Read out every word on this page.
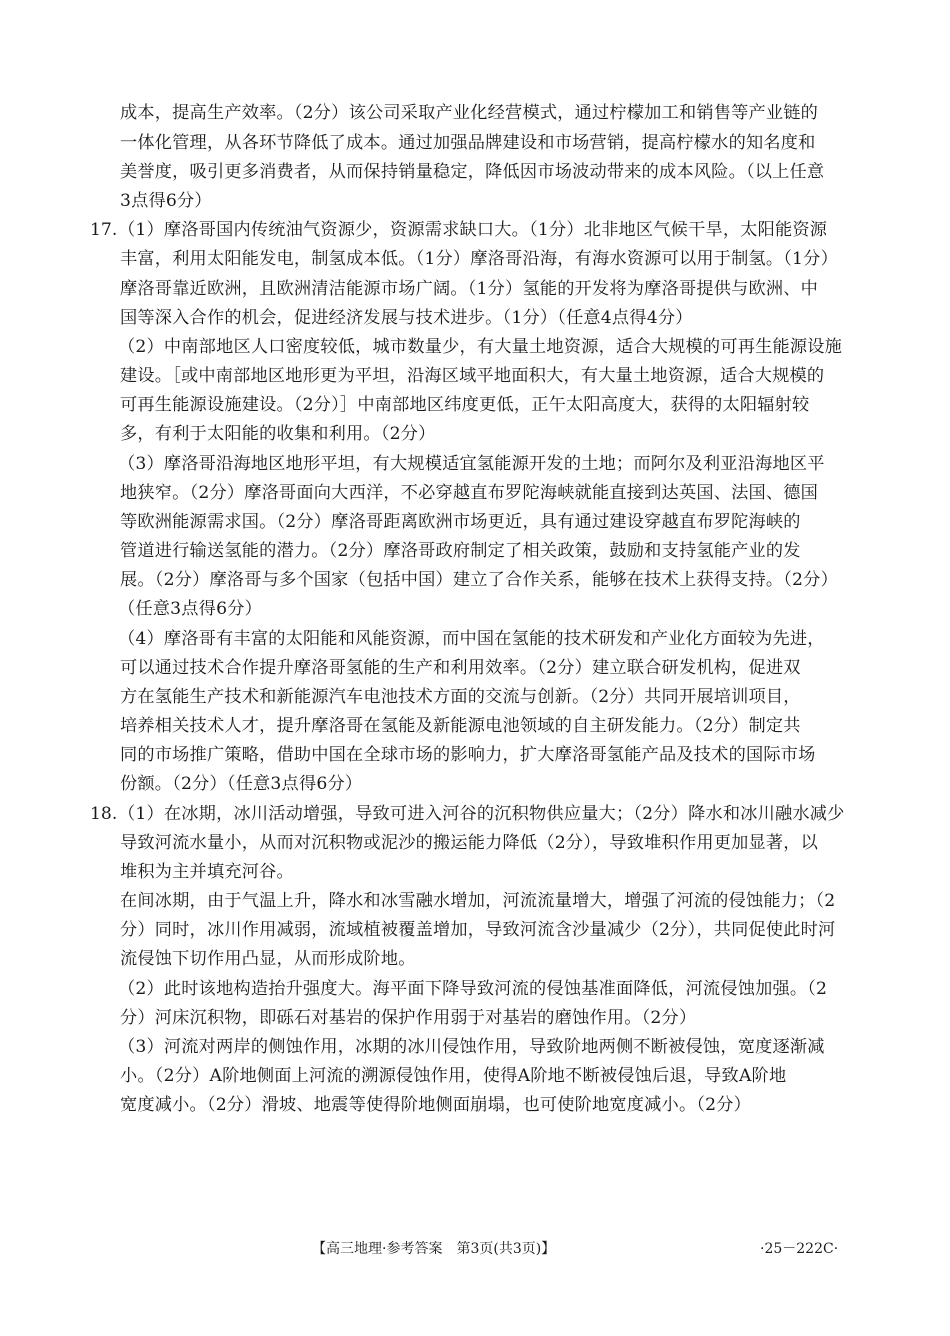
成本，提高生产效率。（2分）该公司采取产业化经营模式，通过柠檬加工和销售等产业链的
一体化管理，从各环节降低了成本。通过加强品牌建设和市场营销，提高柠檬水的知名度和
美誉度，吸引更多消费者，从而保持销量稳定，降低因市场波动带来的成本风险。（以上任意
3点得6分）
17. （1）摩洛哥国内传统油气资源少，资源需求缺口大。（1分）北非地区气候干旱，太阳能资源
丰富，利用太阳能发电，制氢成本低。（1分）摩洛哥沿海，有海水资源可以用于制氢。（1分）
摩洛哥靠近欧洲，且欧洲清洁能源市场广阔。（1分）氢能的开发将为摩洛哥提供与欧洲、中
国等深入合作的机会，促进经济发展与技术进步。（1分）（任意4点得4分）
（2）中南部地区人口密度较低，城市数量少，有大量土地资源，适合大规模的可再生能源设施
建设。［或中南部地区地形更为平坦，沿海区域平地面积大，有大量土地资源，适合大规模的
可再生能源设施建设。（2分）］中南部地区纬度更低，正午太阳高度大，获得的太阳辐射较
多，有利于太阳能的收集和利用。（2分）
（3）摩洛哥沿海地区地形平坦，有大规模适宜氢能源开发的土地；而阿尔及利亚沿海地区平
地狭窄。（2分）摩洛哥面向大西洋，不必穿越直布罗陀海峡就能直接到达英国、法国、德国
等欧洲能源需求国。（2分）摩洛哥距离欧洲市场更近，具有通过建设穿越直布罗陀海峡的
管道进行输送氢能的潜力。（2分）摩洛哥政府制定了相关政策，鼓励和支持氢能产业的发
展。（2分）摩洛哥与多个国家（包括中国）建立了合作关系，能够在技术上获得支持。（2分）
（任意3点得6分）
（4）摩洛哥有丰富的太阳能和风能资源，而中国在氢能的技术研发和产业化方面较为先进，
可以通过技术合作提升摩洛哥氢能的生产和利用效率。（2分）建立联合研发机构，促进双
方在氢能生产技术和新能源汽车电池技术方面的交流与创新。（2分）共同开展培训项目，
培养相关技术人才，提升摩洛哥在氢能及新能源电池领域的自主研发能力。（2分）制定共
同的市场推广策略，借助中国在全球市场的影响力，扩大摩洛哥氢能产品及技术的国际市场
份额。（2分）（任意3点得6分）
18. （1）在冰期，冰川活动增强，导致可进入河谷的沉积物供应量大；（2分）降水和冰川融水减少
导致河流水量小，从而对沉积物或泥沙的搬运能力降低（2分），导致堆积作用更加显著，以
堆积为主并填充河谷。
在间冰期，由于气温上升，降水和冰雪融水增加，河流流量增大，增强了河流的侵蚀能力；（2
分）同时，冰川作用减弱，流域植被覆盖增加，导致河流含沙量减少（2分），共同促使此时河
流侵蚀下切作用凸显，从而形成阶地。
（2）此时该地构造抬升强度大。海平面下降导致河流的侵蚀基准面降低，河流侵蚀加强。（2
分）河床沉积物，即砾石对基岩的保护作用弱于对基岩的磨蚀作用。（2分）
（3）河流对两岸的侧蚀作用，冰期的冰川侵蚀作用，导致阶地两侧不断被侵蚀，宽度逐渐减
小。（2分）A阶地侧面上河流的溯源侵蚀作用，使得A阶地不断被侵蚀后退，导致A阶地
宽度减小。（2分）滑坡、地震等使得阶地侧面崩塌，也可使阶地宽度减小。（2分）
【高三地理·参考答案　第3页(共3页)】	·25－222C·
